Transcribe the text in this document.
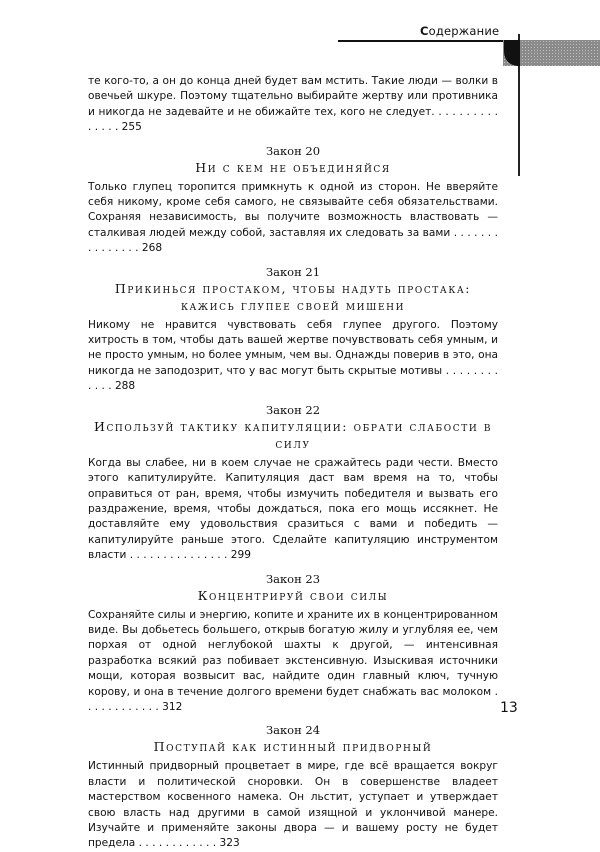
Содержание

те кого-то, а он до конца дней будет вам мстить. Такие люди — волки в овечьей шкуре. Поэтому тщательно выбирайте жертву или противника и никогда не задевайте и не обижайте тех, кого не следует. . . . . . . . . . . . . . . 255

Закон 20
Ни с кем не объединяйся

Только глупец торопится примкнуть к одной из сторон. Не вверяйте себя никому, кроме себя самого, не связывайте себя обязательствами. Сохраняя независимость, вы получите возможность властвовать — сталкивая людей между собой, заставляя их следовать за вами . . . . . . . . . . . . . . . 268

Закон 21
Прикинься простаком, чтобы надуть простака: кажись глупее своей мишени

Никому не нравится чувствовать себя глупее другого. Поэтому хитрость в том, чтобы дать вашей жертве почувствовать себя умным, и не просто умным, но более умным, чем вы. Однажды поверив в это, она никогда не заподозрит, что у вас могут быть скрытые мотивы . . . . . . . . . . . . 288

Закон 22
Используй тактику капитуляции: обрати слабости в силу

Когда вы слабее, ни в коем случае не сражайтесь ради чести. Вместо этого капитулируйте. Капитуляция даст вам время на то, чтобы оправиться от ран, время, чтобы измучить победителя и вызвать его раздражение, время, чтобы дождаться, пока его мощь иссякнет. Не доставляйте ему удовольствия сразиться с вами и победить — капитулируйте раньше этого. Сделайте капитуляцию инструментом власти . . . . . . . . . . . . . . . 299

Закон 23
Концентрируй свои силы

Сохраняйте силы и энергию, копите и храните их в концентрированном виде. Вы добьетесь большего, открыв богатую жилу и углубляя ее, чем порхая от одной неглубокой шахты к другой, — интенсивная разработка всякий раз побивает экстенсивную. Изыскивая источники мощи, которая возвысит вас, найдите один главный ключ, тучную корову, и она в течение долгого времени будет снабжать вас молоком . . . . . . . . . . . . 312

Закон 24
Поступай как истинный придворный

Истинный придворный процветает в мире, где всё вращается вокруг власти и политической сноровки. Он в совершенстве владеет мастерством косвенного намека. Он льстит, уступает и утверждает свою власть над другими в самой изящной и уклончивой манере. Изучайте и применяйте законы двора — и вашему росту не будет предела . . . . . . . . . . . . 323

13
